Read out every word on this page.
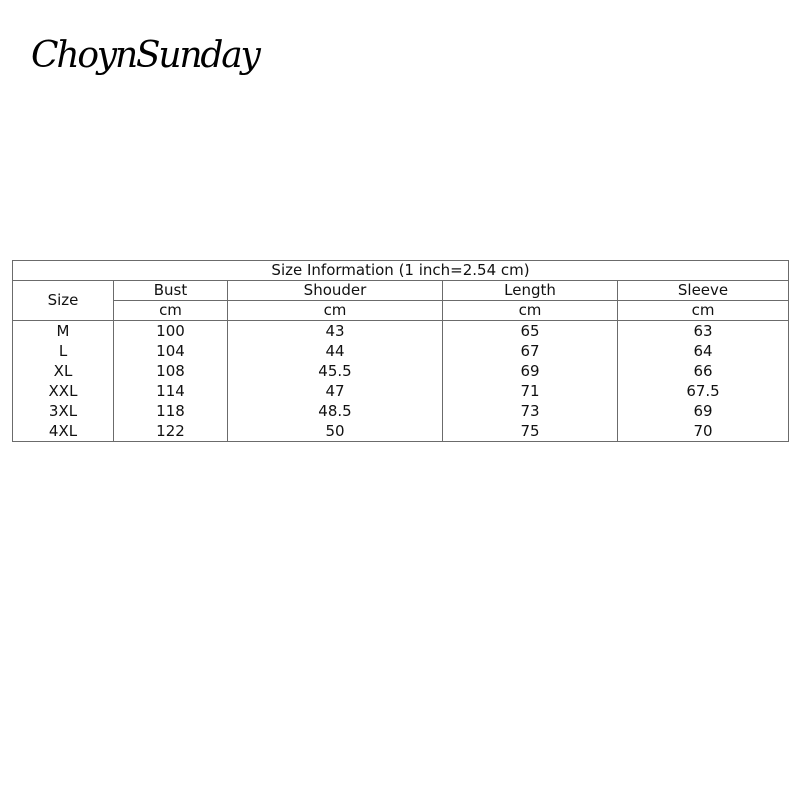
ChoynSunday
Size Information (1 inch=2.54 cm)				
Size	Bust	Shouder	Length	Sleeve
	cm	cm	cm	cm
M	100	43	65	63
L	104	44	67	64
XL	108	45.5	69	66
XXL	114	47	71	67.5
3XL	118	48.5	73	69
4XL	122	50	75	70
